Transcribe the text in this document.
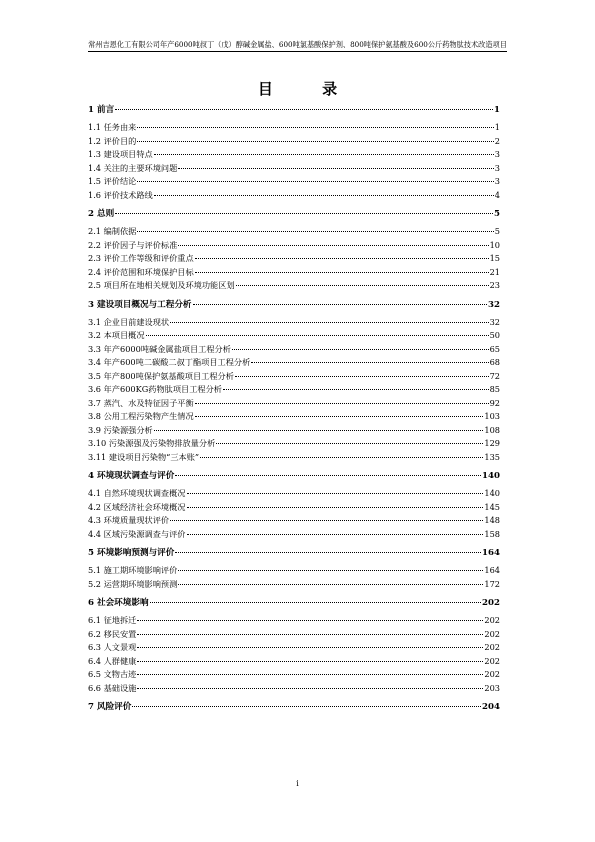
常州吉恩化工有限公司年产6000吨叔丁（戊）醇碱金属盐、600吨氯基酸保护剂、800吨保护氨基酸及600公斤药物肽技术改造项目
目 录
1 前言	1
1.1 任务由来	1
1.2 评价目的	2
1.3 建设项目特点	3
1.4 关注的主要环境问题	3
1.5 评价结论	3
1.6 评价技术路线	4
2 总则	5
2.1 编制依据	5
2.2 评价因子与评价标准	10
2.3 评价工作等级和评价重点	15
2.4 评价范围和环境保护目标	21
2.5 项目所在地相关规划及环境功能区划	23
3 建设项目概况与工程分析	32
3.1 企业目前建设现状	32
3.2 本项目概况	50
3.3 年产6000吨碱金属盐项目工程分析	65
3.4 年产600吨二碳酸二叔丁酯项目工程分析	68
3.5 年产800吨保护氨基酸项目工程分析	72
3.6 年产600KG药物肽项目工程分析	85
3.7 蒸汽、水及特征因子平衡	92
3.8 公用工程污染物产生情况	103
3.9 污染源强分析	108
3.10 污染源强及污染物排放量分析	129
3.11 建设项目污染物“三本账”	135
4 环境现状调查与评价	140
4.1 自然环境现状调查概况	140
4.2 区域经济社会环境概况	145
4.3 环境质量现状评价	148
4.4 区域污染源调查与评价	158
5 环境影响预测与评价	164
5.1 施工期环境影响评价	164
5.2 运营期环境影响预测	172
6 社会环境影响	202
6.1 征地拆迁	202
6.2 移民安置	202
6.3 人文景观	202
6.4 人群健康	202
6.5 文物古迹	202
6.6 基础设施	203
7 风险评价	204
i
